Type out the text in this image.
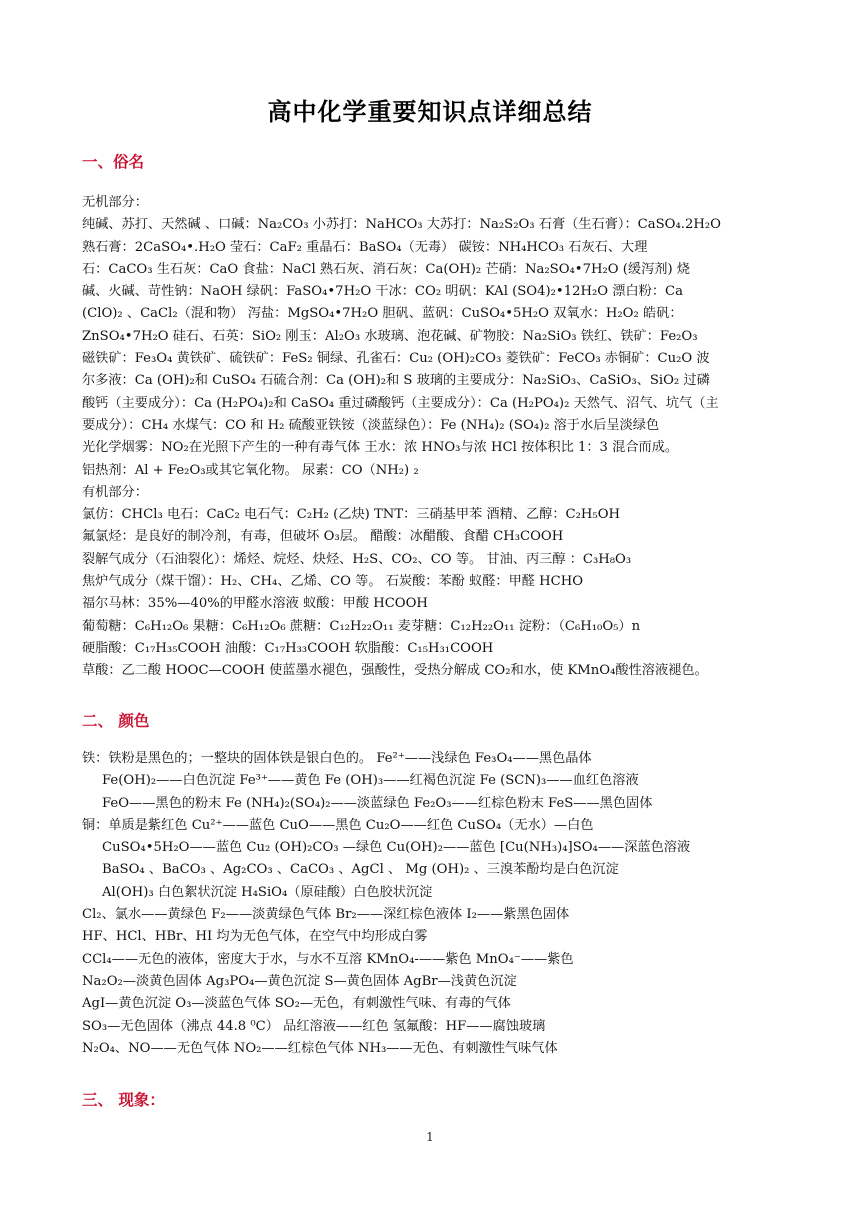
高中化学重要知识点详细总结
一、俗名
无机部分：
纯碱、苏打、天然碱 、口碱：Na₂CO₃ 小苏打：NaHCO₃ 大苏打：Na₂S₂O₃ 石膏（生石膏）：CaSO₄.2H₂O
熟石膏：2CaSO₄•.H₂O 莹石：CaF₂ 重晶石：BaSO₄（无毒） 碳铵：NH₄HCO₃ 石灰石、大理
石：CaCO₃ 生石灰：CaO 食盐：NaCl 熟石灰、消石灰：Ca(OH)₂ 芒硝：Na₂SO₄•7H₂O (缓泻剂) 烧
碱、火碱、苛性钠：NaOH 绿矾：FaSO₄•7H₂O 干冰：CO₂ 明矾：KAl (SO4)₂•12H₂O 漂白粉：Ca
(ClO)₂ 、CaCl₂（混和物） 泻盐：MgSO₄•7H₂O 胆矾、蓝矾：CuSO₄•5H₂O 双氧水：H₂O₂ 皓矾：
ZnSO₄•7H₂O 硅石、石英：SiO₂ 刚玉：Al₂O₃ 水玻璃、泡花碱、矿物胶：Na₂SiO₃ 铁红、铁矿：Fe₂O₃
磁铁矿：Fe₃O₄ 黄铁矿、硫铁矿：FeS₂ 铜绿、孔雀石：Cu₂ (OH)₂CO₃ 菱铁矿：FeCO₃ 赤铜矿：Cu₂O 波
尔多液：Ca (OH)₂和 CuSO₄ 石硫合剂：Ca (OH)₂和 S 玻璃的主要成分：Na₂SiO₃、CaSiO₃、SiO₂ 过磷
酸钙（主要成分）：Ca (H₂PO₄)₂和 CaSO₄ 重过磷酸钙（主要成分）：Ca (H₂PO₄)₂ 天然气、沼气、坑气（主
要成分）：CH₄ 水煤气：CO 和 H₂ 硫酸亚铁铵（淡蓝绿色）：Fe (NH₄)₂ (SO₄)₂ 溶于水后呈淡绿色
光化学烟雾：NO₂在光照下产生的一种有毒气体 王水：浓 HNO₃与浓 HCl 按体积比 1：3 混合而成。
铝热剂：Al + Fe₂O₃或其它氧化物。 尿素：CO（NH₂) ₂
有机部分：
氯仿：CHCl₃ 电石：CaC₂ 电石气：C₂H₂ (乙炔) TNT：三硝基甲苯 酒精、乙醇：C₂H₅OH
氟氯烃：是良好的制冷剂，有毒，但破坏 O₃层。 醋酸：冰醋酸、食醋 CH₃COOH
裂解气成分（石油裂化）：烯烃、烷烃、炔烃、H₂S、CO₂、CO 等。 甘油、丙三醇 ：C₃H₈O₃
焦炉气成分（煤干馏）：H₂、CH₄、乙烯、CO 等。 石炭酸：苯酚 蚁醛：甲醛 HCHO
福尔马林：35%—40%的甲醛水溶液 蚁酸：甲酸 HCOOH
葡萄糖：C₆H₁₂O₆ 果糖：C₆H₁₂O₆ 蔗糖：C₁₂H₂₂O₁₁ 麦芽糖：C₁₂H₂₂O₁₁ 淀粉：（C₆H₁₀O₅）n
硬脂酸：C₁₇H₃₅COOH 油酸：C₁₇H₃₃COOH 软脂酸：C₁₅H₃₁COOH
草酸：乙二酸 HOOC—COOH 使蓝墨水褪色，强酸性，受热分解成 CO₂和水，使 KMnO₄酸性溶液褪色。
二、 颜色
铁：铁粉是黑色的；一整块的固体铁是银白色的。 Fe²⁺——浅绿色 Fe₃O₄——黑色晶体
Fe(OH)₂——白色沉淀 Fe³⁺——黄色 Fe (OH)₃——红褐色沉淀 Fe (SCN)₃——血红色溶液
FeO——黑色的粉末 Fe (NH₄)₂(SO₄)₂——淡蓝绿色 Fe₂O₃——红棕色粉末 FeS——黑色固体
铜：单质是紫红色 Cu²⁺——蓝色 CuO——黑色 Cu₂O——红色 CuSO₄（无水）—白色
CuSO₄•5H₂O——蓝色 Cu₂ (OH)₂CO₃ —绿色 Cu(OH)₂——蓝色 [Cu(NH₃)₄]SO₄——深蓝色溶液
BaSO₄ 、BaCO₃ 、Ag₂CO₃ 、CaCO₃ 、AgCl 、 Mg (OH)₂ 、三溴苯酚均是白色沉淀
Al(OH)₃ 白色絮状沉淀 H₄SiO₄（原硅酸）白色胶状沉淀
Cl₂、氯水——黄绿色 F₂——淡黄绿色气体 Br₂——深红棕色液体 I₂——紫黑色固体
HF、HCl、HBr、HI 均为无色气体，在空气中均形成白雾
CCl₄——无色的液体，密度大于水，与水不互溶 KMnO₄-——紫色 MnO₄⁻——紫色
Na₂O₂—淡黄色固体 Ag₃PO₄—黄色沉淀 S—黄色固体 AgBr—浅黄色沉淀
AgI—黄色沉淀 O₃—淡蓝色气体 SO₂—无色，有刺激性气味、有毒的气体
SO₃—无色固体（沸点 44.8 ⁰C） 品红溶液——红色 氢氟酸：HF——腐蚀玻璃
N₂O₄、NO——无色气体 NO₂——红棕色气体 NH₃——无色、有刺激性气味气体
三、 现象：
1
